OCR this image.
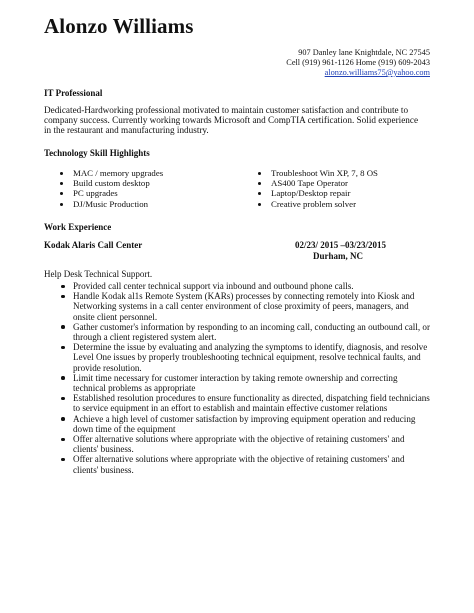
Alonzo Williams
907 Danley lane Knightdale, NC 27545
Cell (919) 961-1126 Home (919) 609-2043
alonzo.williams75@yahoo.com
IT Professional
Dedicated-Hardworking professional motivated to maintain customer satisfaction and contribute to company success. Currently working towards Microsoft and CompTIA certification. Solid experience in the restaurant and manufacturing industry.
Technology Skill Highlights
MAC / memory upgrades
Build custom desktop
PC upgrades
DJ/Music Production
Troubleshoot Win XP, 7, 8 OS
AS400 Tape Operator
Laptop/Desktop repair
Creative problem solver
Work Experience
Kodak Alaris Call Center	02/23/ 2015 –03/23/2015
Durham, NC
Help Desk Technical Support.
Provided call center technical support via inbound and outbound phone calls.
Handle Kodak al1s Remote System (KARs) processes by connecting remotely into Kiosk and Networking systems in a call center environment of close proximity of peers, managers, and onsite client personnel.
Gather customer's information by responding to an incoming call, conducting an outbound call, or through a client registered system alert.
Determine the issue by evaluating and analyzing the symptoms to identify, diagnosis, and resolve Level One issues by properly troubleshooting technical equipment, resolve technical faults, and provide resolution.
Limit time necessary for customer interaction by taking remote ownership and correcting technical problems as appropriate
Established resolution procedures to ensure functionality as directed, dispatching field technicians to service equipment in an effort to establish and maintain effective customer relations
Achieve a high level of customer satisfaction by improving equipment operation and reducing down time of the equipment
Offer alternative solutions where appropriate with the objective of retaining customers' and clients' business.
Offer alternative solutions where appropriate with the objective of retaining customers' and clients' business.
